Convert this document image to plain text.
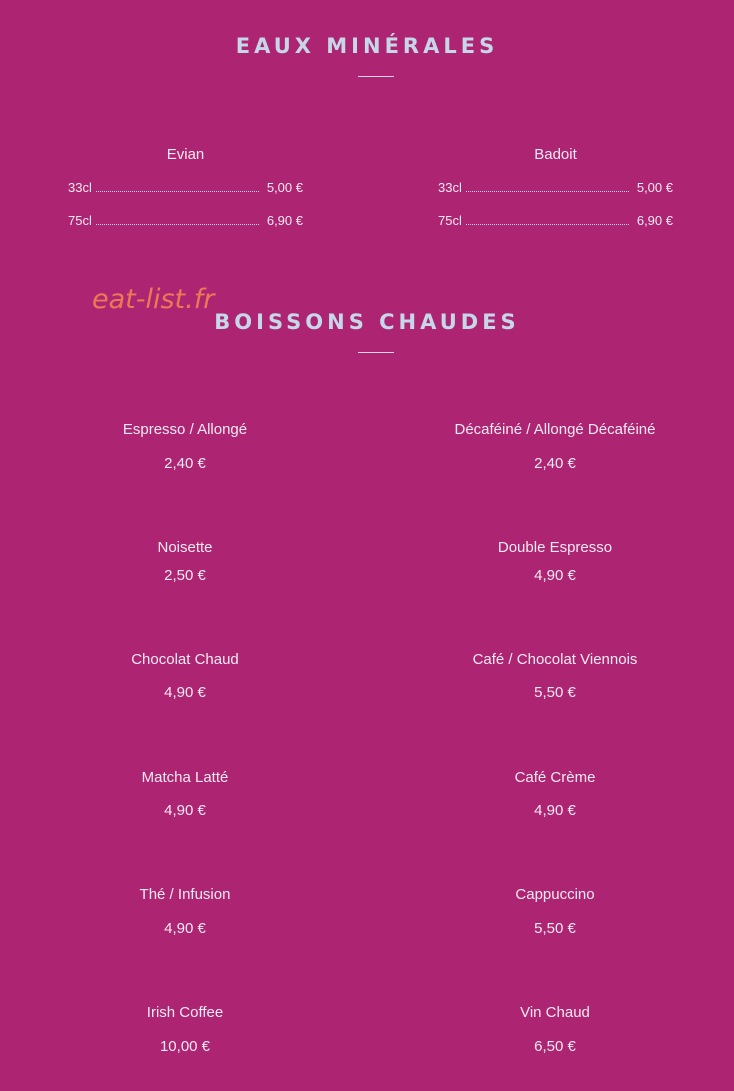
EAUX MINÉRALES
Evian
33cl	5,00 €
75cl	6,90 €
Badoit
33cl	5,00 €
75cl	6,90 €

eat-list.fr

BOISSONS CHAUDES
Espresso / Allongé
2,40 €
Décaféiné / Allongé Décaféiné
2,40 €
Noisette
2,50 €
Double Espresso
4,90 €
Chocolat Chaud
4,90 €
Café / Chocolat Viennois
5,50 €
Matcha Latté
4,90 €
Café Crème
4,90 €
Thé / Infusion
4,90 €
Cappuccino
5,50 €
Irish Coffee
10,00 €
Vin Chaud
6,50 €
